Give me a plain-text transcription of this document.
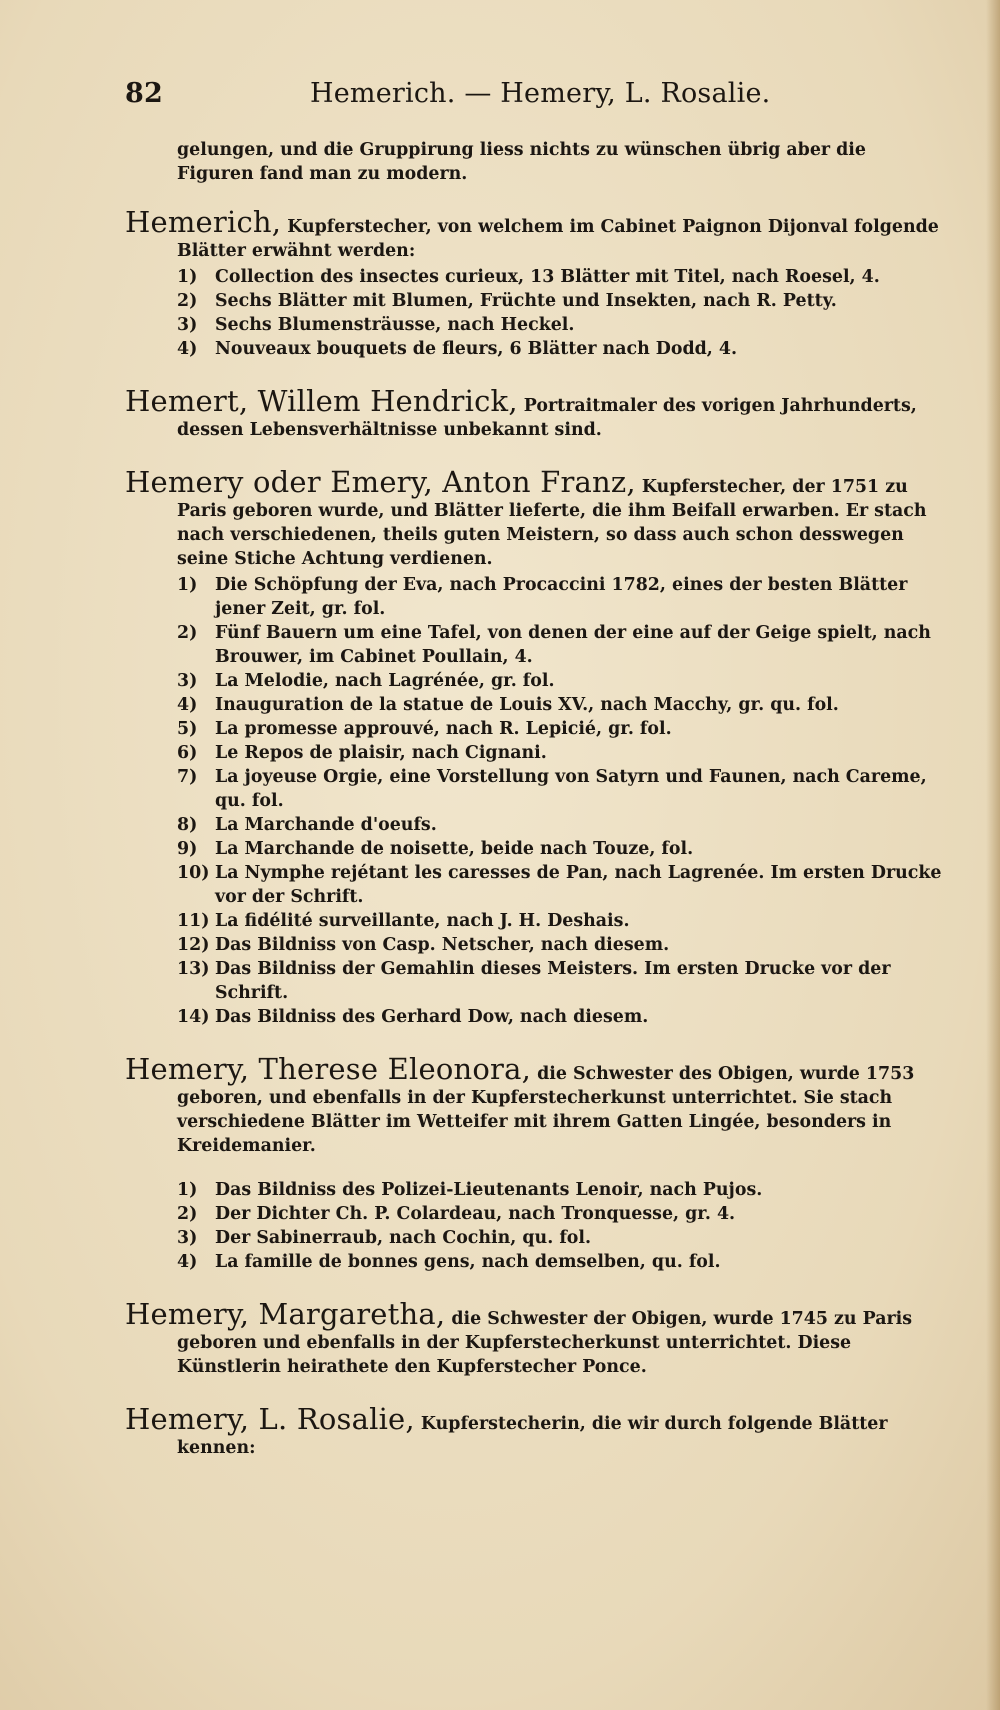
82	Hemerich. — Hemery, L. Rosalie.

gelungen, und die Gruppirung liess nichts zu wünschen übrig aber die Figuren fand man zu modern.

Hemerich, Kupferstecher, von welchem im Cabinet Paignon Dijonval folgende Blätter erwähnt werden:

1) Collection des insectes curieux, 13 Blätter mit Titel, nach Roesel, 4.
2) Sechs Blätter mit Blumen, Früchte und Insekten, nach R. Petty.
3) Sechs Blumensträusse, nach Heckel.
4) Nouveaux bouquets de fleurs, 6 Blätter nach Dodd, 4.

Hemert, Willem Hendrick, Portraitmaler des vorigen Jahrhunderts, dessen Lebensverhältnisse unbekannt sind.

Hemery oder Emery, Anton Franz, Kupferstecher, der 1751 zu Paris geboren wurde, und Blätter lieferte, die ihm Beifall erwarben. Er stach nach verschiedenen, theils guten Meistern, so dass auch schon desswegen seine Stiche Achtung verdienen.

1) Die Schöpfung der Eva, nach Procaccini 1782, eines der besten Blätter jener Zeit, gr. fol.
2) Fünf Bauern um eine Tafel, von denen der eine auf der Geige spielt, nach Brouwer, im Cabinet Poullain, 4.
3) La Melodie, nach Lagrénée, gr. fol.
4) Inauguration de la statue de Louis XV., nach Macchy, gr. qu. fol.
5) La promesse approuvé, nach R. Lepicié, gr. fol.
6) Le Repos de plaisir, nach Cignani.
7) La joyeuse Orgie, eine Vorstellung von Satyrn und Faunen, nach Careme, qu. fol.
8) La Marchande d'oeufs.
9) La Marchande de noisette, beide nach Touze, fol.
10) La Nymphe rejétant les caresses de Pan, nach Lagrenée. Im ersten Drucke vor der Schrift.
11) La fidélité surveillante, nach J. H. Deshais.
12) Das Bildniss von Casp. Netscher, nach diesem.
13) Das Bildniss der Gemahlin dieses Meisters. Im ersten Drucke vor der Schrift.
14) Das Bildniss des Gerhard Dow, nach diesem.

Hemery, Therese Eleonora, die Schwester des Obigen, wurde 1753 geboren, und ebenfalls in der Kupferstecherkunst unterrichtet. Sie stach verschiedene Blätter im Wetteifer mit ihrem Gatten Lingée, besonders in Kreidemanier.

1) Das Bildniss des Polizei-Lieutenants Lenoir, nach Pujos.
2) Der Dichter Ch. P. Colardeau, nach Tronquesse, gr. 4.
3) Der Sabinerraub, nach Cochin, qu. fol.
4) La famille de bonnes gens, nach demselben, qu. fol.

Hemery, Margaretha, die Schwester der Obigen, wurde 1745 zu Paris geboren und ebenfalls in der Kupferstecherkunst unterrichtet. Diese Künstlerin heirathete den Kupferstecher Ponce.

Hemery, L. Rosalie, Kupferstecherin, die wir durch folgende Blätter kennen:
